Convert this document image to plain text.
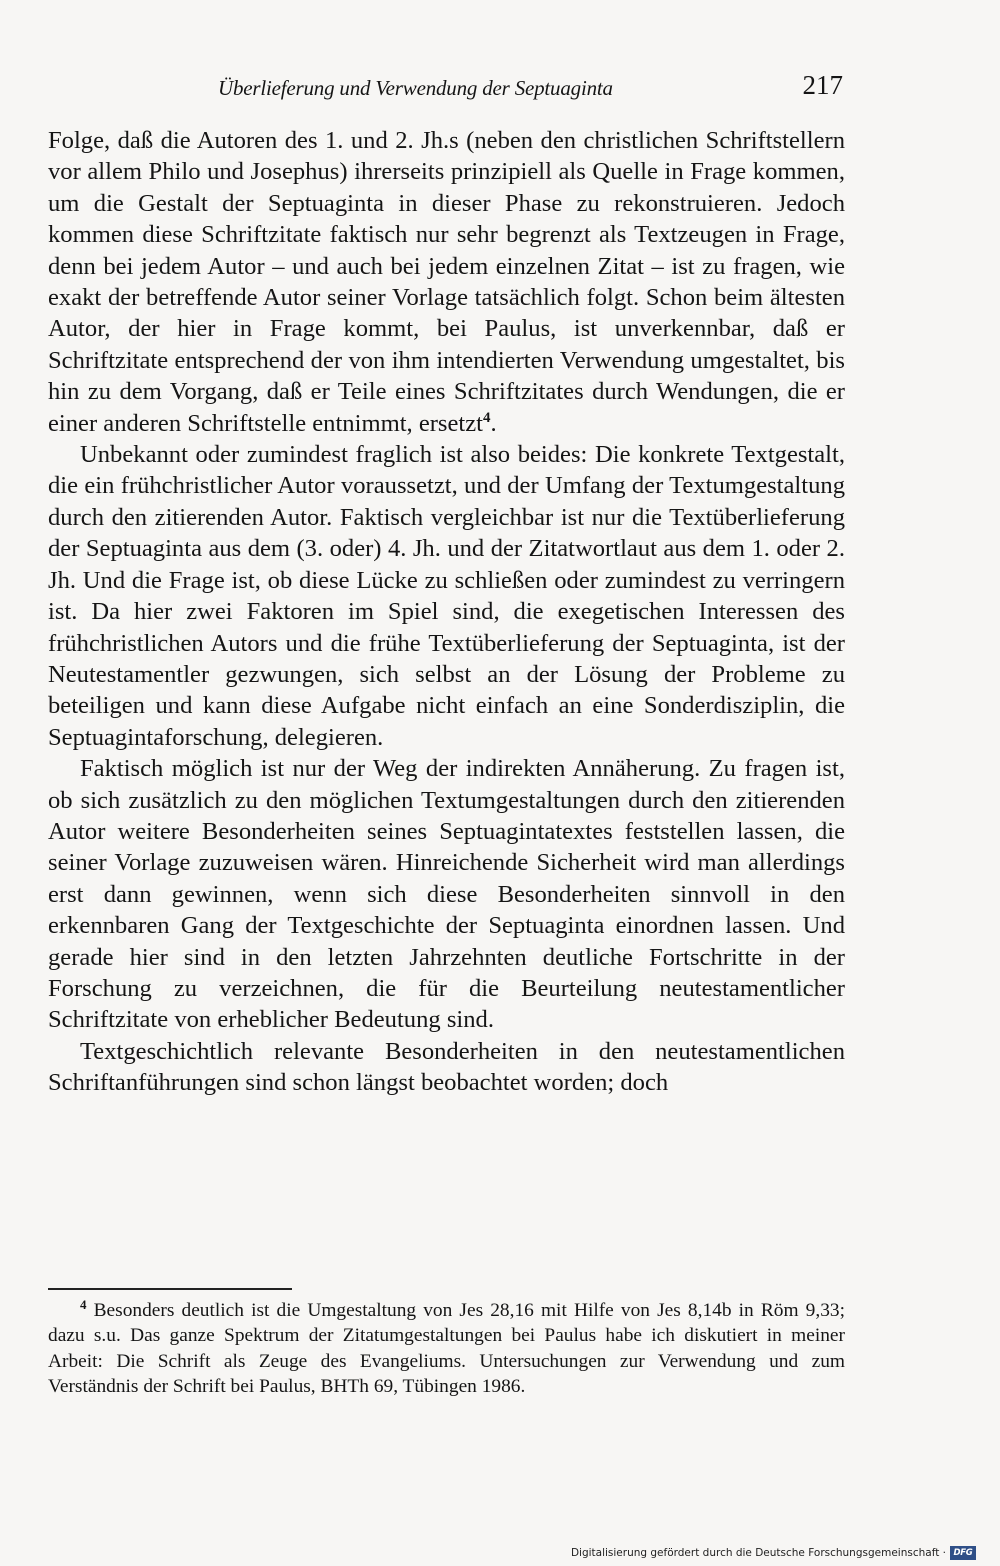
Überlieferung und Verwendung der Septuaginta	217

Folge, daß die Autoren des 1. und 2. Jh.s (neben den christlichen Schriftstellern vor allem Philo und Josephus) ihrerseits prinzipiell als Quelle in Frage kommen, um die Gestalt der Septuaginta in dieser Phase zu rekonstruieren. Jedoch kommen diese Schriftzitate faktisch nur sehr begrenzt als Textzeugen in Frage, denn bei jedem Autor – und auch bei jedem einzelnen Zitat – ist zu fragen, wie exakt der betreffende Autor seiner Vorlage tatsächlich folgt. Schon beim ältesten Autor, der hier in Frage kommt, bei Paulus, ist unverkennbar, daß er Schriftzitate entsprechend der von ihm intendierten Verwendung umgestaltet, bis hin zu dem Vorgang, daß er Teile eines Schriftzitates durch Wendungen, die er einer anderen Schriftstelle entnimmt, ersetzt$^4$.

Unbekannt oder zumindest fraglich ist also beides: Die konkrete Textgestalt, die ein frühchristlicher Autor voraussetzt, und der Umfang der Textumgestaltung durch den zitierenden Autor. Faktisch vergleichbar ist nur die Textüberlieferung der Septuaginta aus dem (3. oder) 4. Jh. und der Zitatwortlaut aus dem 1. oder 2. Jh. Und die Frage ist, ob diese Lücke zu schließen oder zumindest zu verringern ist. Da hier zwei Faktoren im Spiel sind, die exegetischen Interessen des frühchristlichen Autors und die frühe Textüberlieferung der Septuaginta, ist der Neutestamentler gezwungen, sich selbst an der Lösung der Probleme zu beteiligen und kann diese Aufgabe nicht einfach an eine Sonderdisziplin, die Septuagintaforschung, delegieren.

Faktisch möglich ist nur der Weg der indirekten Annäherung. Zu fragen ist, ob sich zusätzlich zu den möglichen Textumgestaltungen durch den zitierenden Autor weitere Besonderheiten seines Septuagintatextes feststellen lassen, die seiner Vorlage zuzuweisen wären. Hinreichende Sicherheit wird man allerdings erst dann gewinnen, wenn sich diese Besonderheiten sinnvoll in den erkennbaren Gang der Textgeschichte der Septuaginta einordnen lassen. Und gerade hier sind in den letzten Jahrzehnten deutliche Fortschritte in der Forschung zu verzeichnen, die für die Beurteilung neutestamentlicher Schriftzitate von erheblicher Bedeutung sind.

Textgeschichtlich relevante Besonderheiten in den neutestamentlichen Schriftanführungen sind schon längst beobachtet worden; doch

$^4$ Besonders deutlich ist die Umgestaltung von Jes 28,16 mit Hilfe von Jes 8,14b in Röm 9,33; dazu s.u. Das ganze Spektrum der Zitatumgestaltungen bei Paulus habe ich diskutiert in meiner Arbeit: Die Schrift als Zeuge des Evangeliums. Untersuchungen zur Verwendung und zum Verständnis der Schrift bei Paulus, BHTh 69, Tübingen 1986.

Digitalisierung gefördert durch die Deutsche Forschungsgemeinschaft · DFG
